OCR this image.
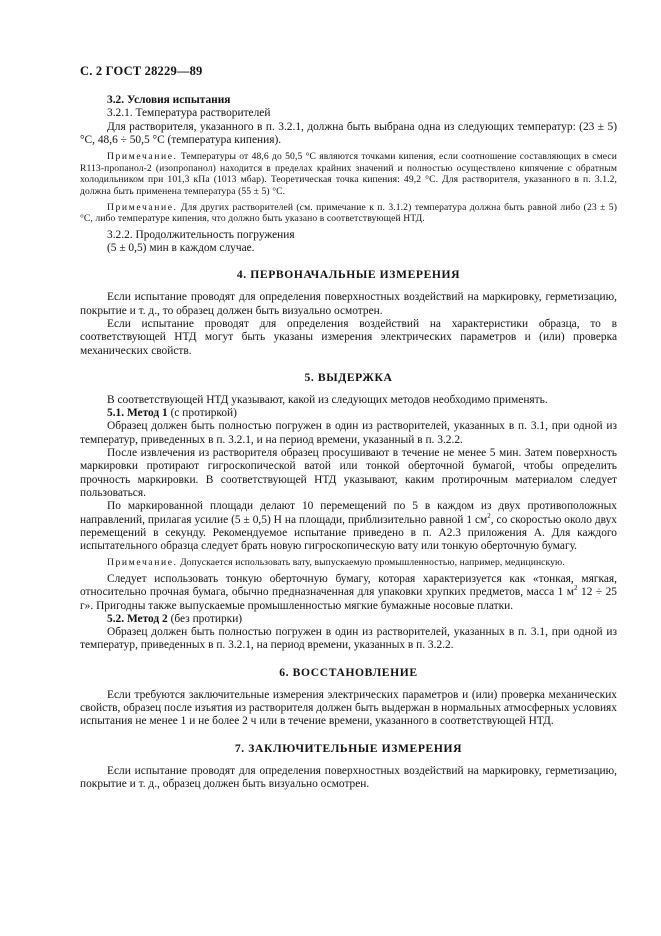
С. 2 ГОСТ 28229—89

3.2. Условия испытания

3.2.1. Температура растворителей

Для растворителя, указанного в п. 3.2.1, должна быть выбрана одна из следующих температур: (23 ± 5) °С, 48,6 ÷ 50,5 °С (температура кипения).

Примечание. Температуры от 48,6 до 50,5 °С являются точками кипения, если соотношение составляющих в смеси R113-пропанол-2 (изопропанол) находится в пределах крайних значений и полностью осуществлено кипячение с обратным холодильником при 101,3 кПа (1013 мбар). Теоретическая точка кипения: 49,2 °С. Для растворителя, указанного в п. 3.1.2, должна быть применена температура (55 ± 5) °С.

Примечание. Для других растворителей (см. примечание к п. 3.1.2) температура должна быть равной либо (23 ± 5) °С, либо температуре кипения, что должно быть указано в соответствующей НТД.

3.2.2. Продолжительность погружения

(5 ± 0,5) мин в каждом случае.

4. ПЕРВОНАЧАЛЬНЫЕ ИЗМЕРЕНИЯ

Если испытание проводят для определения поверхностных воздействий на маркировку, герметизацию, покрытие и т. д., то образец должен быть визуально осмотрен.

Если испытание проводят для определения воздействий на характеристики образца, то в соответствующей НТД могут быть указаны измерения электрических параметров и (или) проверка механических свойств.

5. ВЫДЕРЖКА

В соответствующей НТД указывают, какой из следующих методов необходимо применять.

5.1. Метод 1 (с протиркой)

Образец должен быть полностью погружен в один из растворителей, указанных в п. 3.1, при одной из температур, приведенных в п. 3.2.1, и на период времени, указанный в п. 3.2.2.

После извлечения из растворителя образец просушивают в течение не менее 5 мин. Затем поверхность маркировки протирают гигроскопической ватой или тонкой оберточной бумагой, чтобы определить прочность маркировки. В соответствующей НТД указывают, каким протирочным материалом следует пользоваться.

По маркированной площади делают 10 перемещений по 5 в каждом из двух противоположных направлений, прилагая усилие (5 ± 0,5) Н на площади, приблизительно равной 1 $см^2$, со скоростью около двух перемещений в секунду. Рекомендуемое испытание приведено в п. А2.3 приложения А. Для каждого испытательного образца следует брать новую гигроскопическую вату или тонкую оберточную бумагу.

Примечание. Допускается использовать вату, выпускаемую промышленностью, например, медицинскую.

Следует использовать тонкую оберточную бумагу, которая характеризуется как «тонкая, мягкая, относительно прочная бумага, обычно предназначенная для упаковки хрупких предметов, масса 1 $м^2$ 12 ÷ 25 г». Пригодны также выпускаемые промышленностью мягкие бумажные носовые платки.

5.2. Метод 2 (без протирки)

Образец должен быть полностью погружен в один из растворителей, указанных в п. 3.1, при одной из температур, приведенных в п. 3.2.1, на период времени, указанных в п. 3.2.2.

6. ВОССТАНОВЛЕНИЕ

Если требуются заключительные измерения электрических параметров и (или) проверка механических свойств, образец после изъятия из растворителя должен быть выдержан в нормальных атмосферных условиях испытания не менее 1 и не более 2 ч или в течение времени, указанного в соответствующей НТД.

7. ЗАКЛЮЧИТЕЛЬНЫЕ ИЗМЕРЕНИЯ

Если испытание проводят для определения поверхностных воздействий на маркировку, герметизацию, покрытие и т. д., образец должен быть визуально осмотрен.
